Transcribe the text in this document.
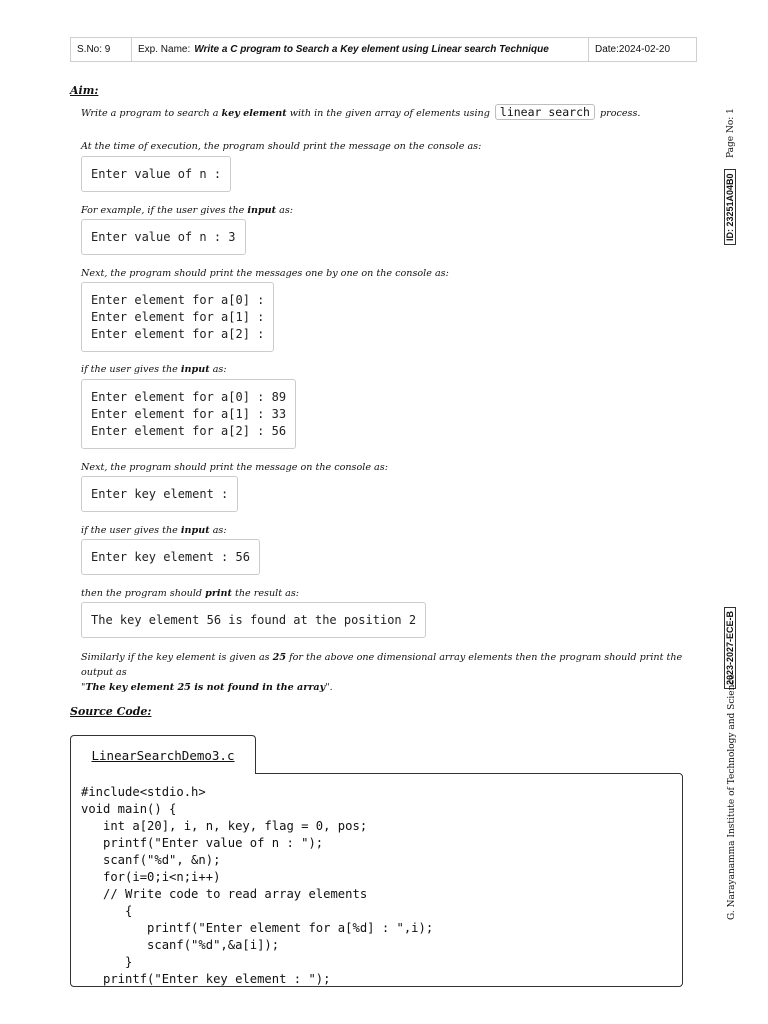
S.No: 9	Exp. Name: Write a C program to Search a Key element using Linear search Technique	Date:2024-02-20
Aim:
Write a program to search a key element with in the given array of elements using linear search process.
At the time of execution, the program should print the message on the console as:
Enter value of n :
For example, if the user gives the input as:
Enter value of n : 3
Next, the program should print the messages one by one on the console as:
Enter element for a[0] :
Enter element for a[1] :
Enter element for a[2] :
if the user gives the input as:
Enter element for a[0] : 89
Enter element for a[1] : 33
Enter element for a[2] : 56
Next, the program should print the message on the console as:
Enter key element :
if the user gives the input as:
Enter key element : 56
then the program should print the result as:
The key element 56 is found at the position 2
Similarly if the key element is given as 25 for the above one dimensional array elements then the program should print the output as
"The key element 25 is not found in the array".
Source Code:
LinearSearchDemo3.c
#include<stdio.h>
void main() {
int a[20], i, n, key, flag = 0, pos;
printf("Enter value of n : ");
scanf("%d", &n);
for(i=0;i<n;i++)
// Write code to read array elements
{
printf("Enter element for a[%d] : ",i);
scanf("%d",&a[i]);
}
printf("Enter key element : ");
Page No: 1
ID: 23251A04B0
2023-2027-ECE-B
G. Narayanamma Institute of Technology and Science
